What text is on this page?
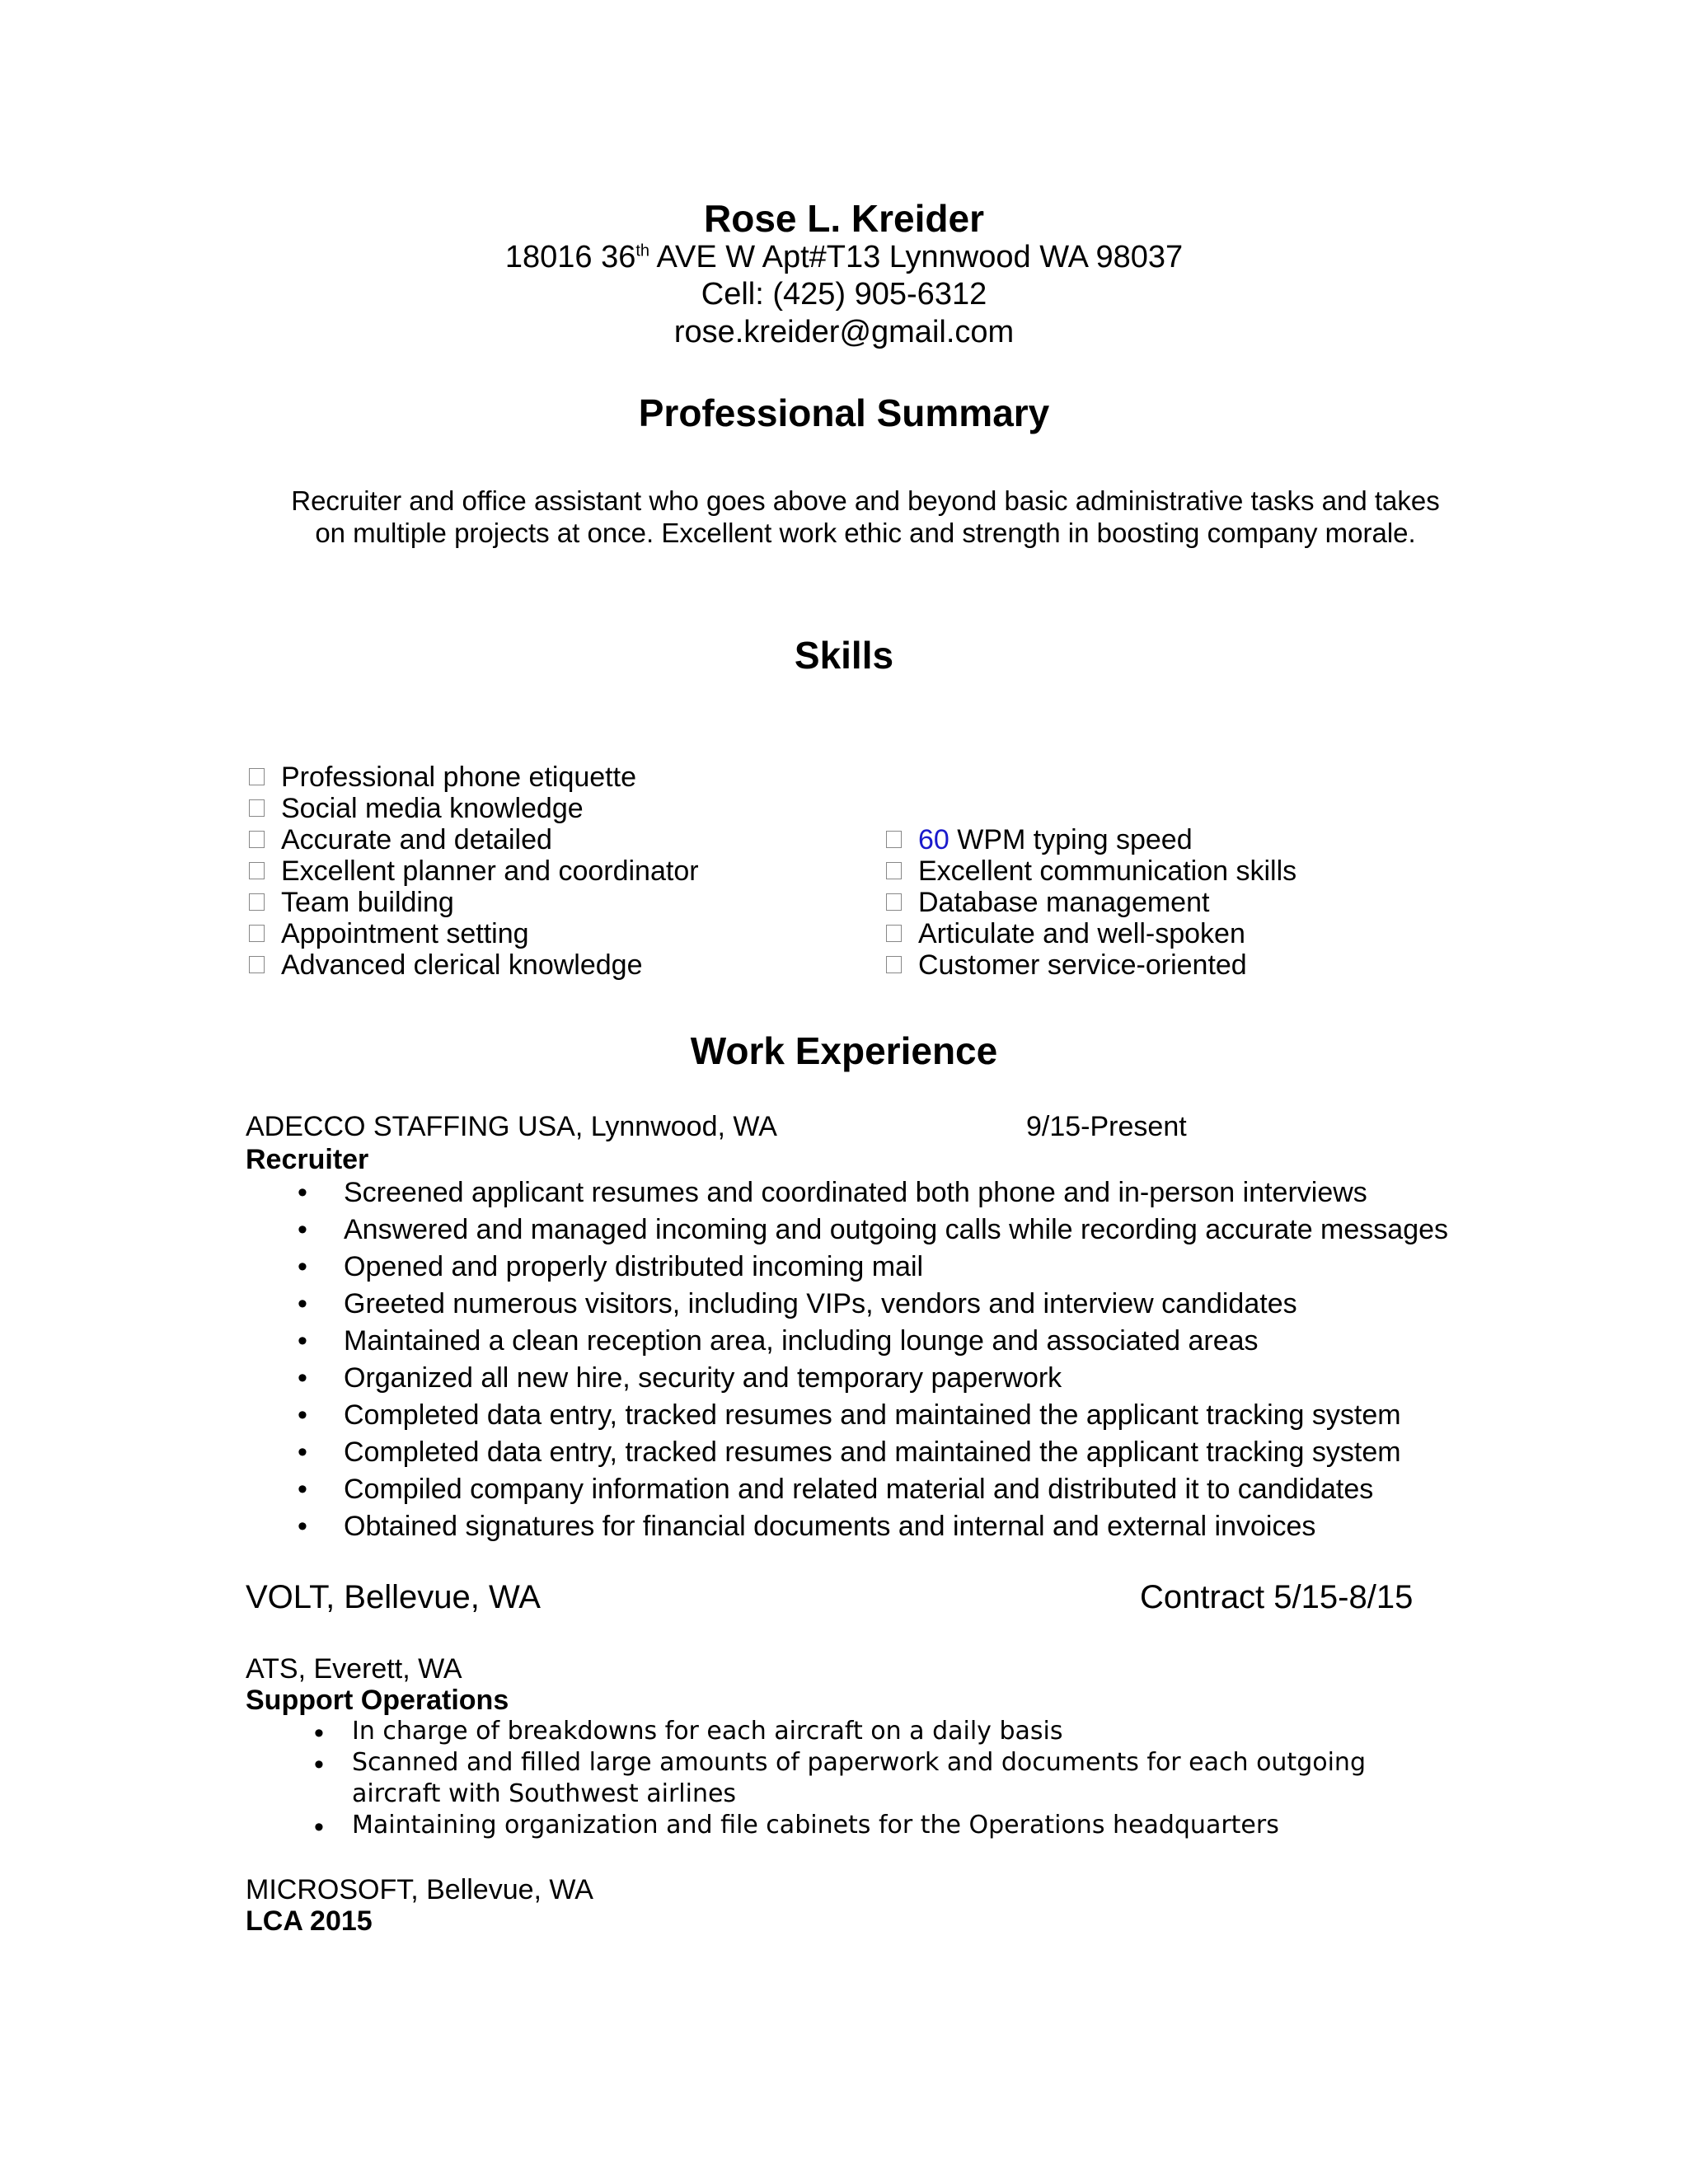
Rose L. Kreider
18016 36th AVE W Apt#T13 Lynnwood WA 98037
Cell: (425) 905-6312
rose.kreider@gmail.com
Professional Summary
Recruiter and office assistant who goes above and beyond basic administrative tasks and takes on multiple projects at once. Excellent work ethic and strength in boosting company morale.
Skills
Professional phone etiquette
Social media knowledge
Accurate and detailed
Excellent planner and coordinator
Team building
Appointment setting
Advanced clerical knowledge
60 WPM typing speed
Excellent communication skills
Database management
Articulate and well-spoken
Customer service-oriented
Work Experience
ADECCO STAFFING USA, Lynnwood, WA	9/15-Present
Recruiter
• Screened applicant resumes and coordinated both phone and in-person interviews
• Answered and managed incoming and outgoing calls while recording accurate messages
• Opened and properly distributed incoming mail
• Greeted numerous visitors, including VIPs, vendors and interview candidates
• Maintained a clean reception area, including lounge and associated areas
• Organized all new hire, security and temporary paperwork
• Completed data entry, tracked resumes and maintained the applicant tracking system
• Completed data entry, tracked resumes and maintained the applicant tracking system
• Compiled company information and related material and distributed it to candidates
• Obtained signatures for financial documents and internal and external invoices
VOLT, Bellevue, WA	Contract 5/15-8/15
ATS, Everett, WA
Support Operations
• In charge of breakdowns for each aircraft on a daily basis
• Scanned and filled large amounts of paperwork and documents for each outgoing
aircraft with Southwest airlines
• Maintaining organization and file cabinets for the Operations headquarters
MICROSOFT, Bellevue, WA
LCA 2015
